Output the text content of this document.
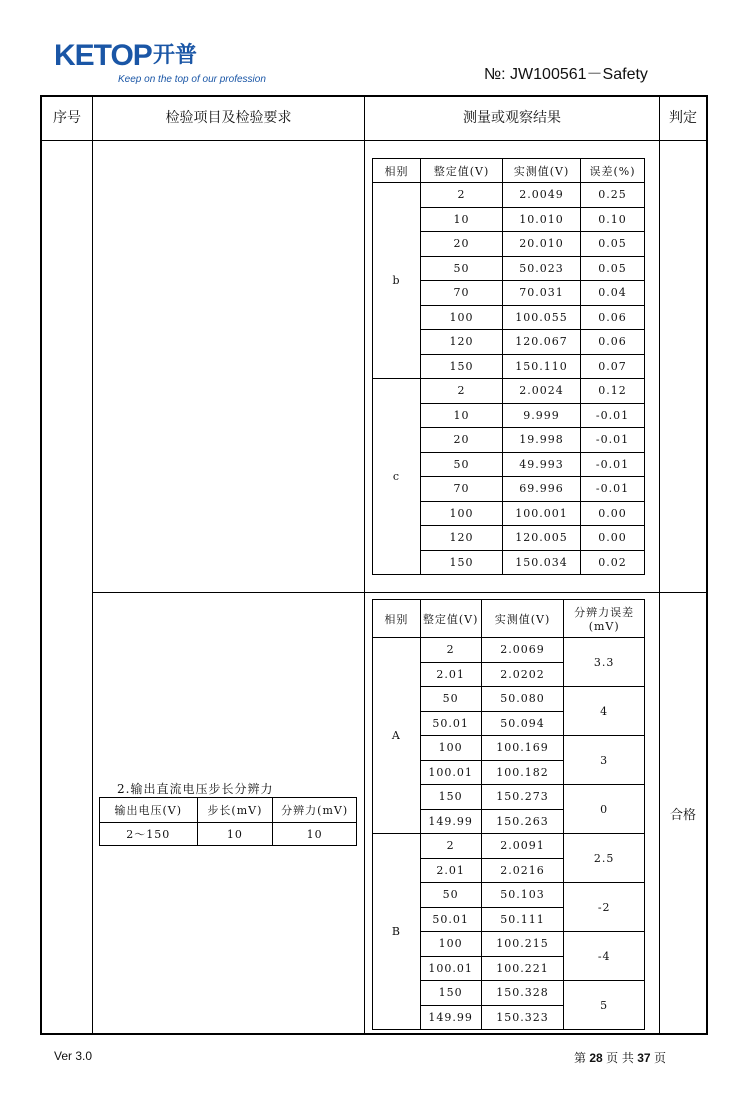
KETOP 开普
Keep on the top of our profession	№: JW100561－Safety
序号	检验项目及检验要求	测量或观察结果	判定
相别	整定值(V)	实测值(V)	误差(%)
b	2	2.0049	0.25
	10	10.010	0.10
	20	20.010	0.05
	50	50.023	0.05
	70	70.031	0.04
	100	100.055	0.06
	120	120.067	0.06
	150	150.110	0.07
c	2	2.0024	0.12
	10	9.999	-0.01
	20	19.998	-0.01
	50	49.993	-0.01
	70	69.996	-0.01
	100	100.001	0.00
	120	120.005	0.00
	150	150.034	0.02
2.输出直流电压步长分辨力
输出电压(V)	步长(mV)	分辨力(mV)
2～150	10	10
相别	整定值(V)	实测值(V)	分辨力误差(mV)
A	2	2.0069	3.3
	2.01	2.0202	
	50	50.080	4
	50.01	50.094	
	100	100.169	3
	100.01	100.182	
	150	150.273	0
	149.99	150.263	
B	2	2.0091	2.5
	2.01	2.0216	
	50	50.103	-2
	50.01	50.111	
	100	100.215	-4
	100.01	100.221	
	150	150.328	5
	149.99	150.323	
合格
Ver 3.0	第 28 页 共 37 页
